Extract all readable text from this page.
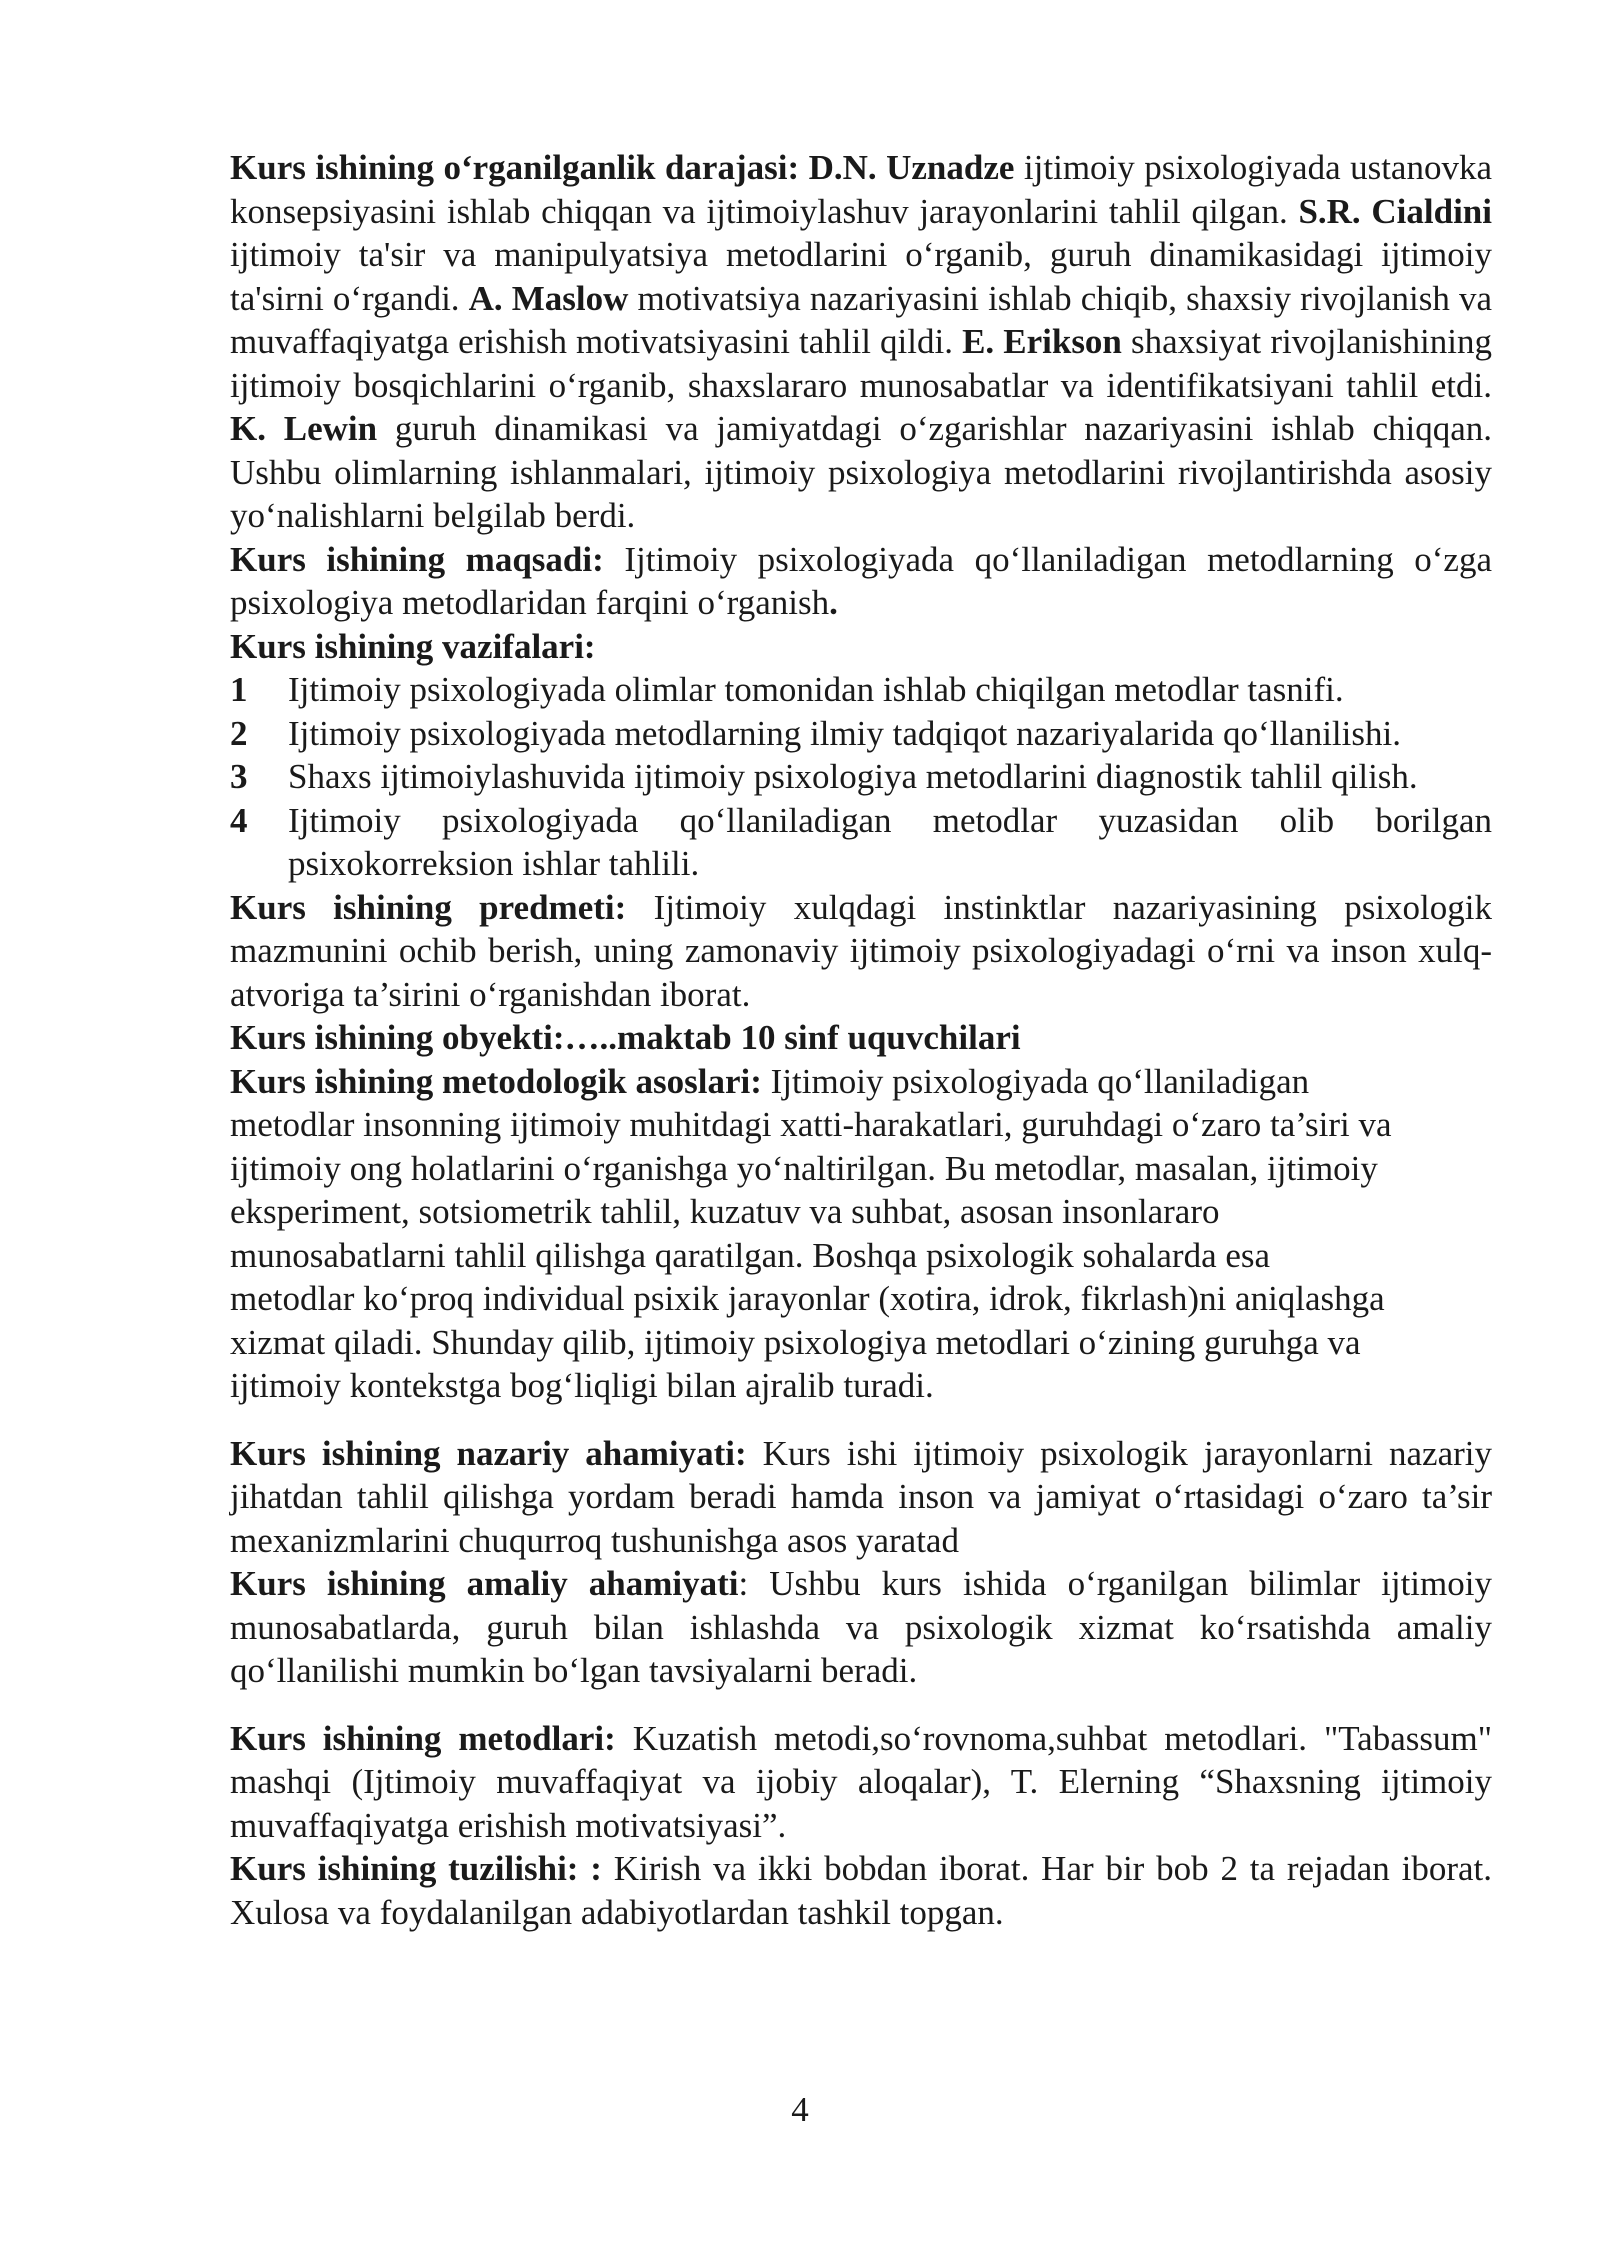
Kurs ishining o‘rganilganlik darajasi: D.N. Uznadze ijtimoiy psixologiyada ustanovka konsepsiyasini ishlab chiqqan va ijtimoiylashuv jarayonlarini tahlil qilgan. S.R. Cialdini ijtimoiy ta'sir va manipulyatsiya metodlarini o‘rganib, guruh dinamikasidagi ijtimoiy ta'sirni o‘rgandi. A. Maslow motivatsiya nazariyasini ishlab chiqib, shaxsiy rivojlanish va muvaffaqiyatga erishish motivatsiyasini tahlil qildi. E. Erikson shaxsiyat rivojlanishining ijtimoiy bosqichlarini o‘rganib, shaxslararo munosabatlar va identifikatsiyani tahlil etdi. K. Lewin guruh dinamikasi va jamiyatdagi o‘zgarishlar nazariyasini ishlab chiqqan. Ushbu olimlarning ishlanmalari, ijtimoiy psixologiya metodlarini rivojlantirishda asosiy yo‘nalishlarni belgilab berdi.

Kurs ishining maqsadi: Ijtimoiy psixologiyada qo‘llaniladigan metodlarning o‘zga psixologiya metodlaridan farqini o‘rganish.

Kurs ishining vazifalari:

1	Ijtimoiy psixologiyada olimlar tomonidan ishlab chiqilgan metodlar tasnifi.
2	Ijtimoiy psixologiyada metodlarning ilmiy tadqiqot nazariyalarida qo‘llanilishi.
3	Shaxs ijtimoiylashuvida ijtimoiy psixologiya metodlarini diagnostik tahlil qilish.
4	Ijtimoiy psixologiyada qo‘llaniladigan metodlar yuzasidan olib borilgan psixokorreksion ishlar tahlili.

Kurs ishining predmeti: Ijtimoiy xulqdagi instinktlar nazariyasining psixologik mazmunini ochib berish, uning zamonaviy ijtimoiy psixologiyadagi o‘rni va inson xulq-atvoriga ta’sirini o‘rganishdan iborat.

Kurs ishining obyekti:…..maktab 10 sinf uquvchilari

Kurs ishining metodologik asoslari: Ijtimoiy psixologiyada qo‘llaniladigan
metodlar insonning ijtimoiy muhitdagi xatti-harakatlari, guruhdagi o‘zaro ta’siri va
ijtimoiy ong holatlarini o‘rganishga yo‘naltirilgan. Bu metodlar, masalan, ijtimoiy
eksperiment, sotsiometrik tahlil, kuzatuv va suhbat, asosan insonlararo
munosabatlarni tahlil qilishga qaratilgan. Boshqa psixologik sohalarda esa
metodlar ko‘proq individual psixik jarayonlar (xotira, idrok, fikrlash)ni aniqlashga
xizmat qiladi. Shunday qilib, ijtimoiy psixologiya metodlari o‘zining guruhga va
ijtimoiy kontekstga bog‘liqligi bilan ajralib turadi.

Kurs ishining nazariy ahamiyati: Kurs ishi ijtimoiy psixologik jarayonlarni nazariy jihatdan tahlil qilishga yordam beradi hamda inson va jamiyat o‘rtasidagi o‘zaro ta’sir mexanizmlarini chuqurroq tushunishga asos yaratad

Kurs ishining amaliy ahamiyati: Ushbu kurs ishida o‘rganilgan bilimlar ijtimoiy munosabatlarda, guruh bilan ishlashda va psixologik xizmat ko‘rsatishda amaliy qo‘llanilishi mumkin bo‘lgan tavsiyalarni beradi.

Kurs ishining metodlari: Kuzatish metodi,so‘rovnoma,suhbat metodlari. "Tabassum" mashqi (Ijtimoiy muvaffaqiyat va ijobiy aloqalar), T. Elerning “Shaxsning ijtimoiy muvaffaqiyatga erishish motivatsiyasi”.

Kurs ishining tuzilishi: : Kirish va ikki bobdan iborat. Har bir bob 2 ta rejadan iborat. Xulosa va foydalanilgan adabiyotlardan tashkil topgan.

4
